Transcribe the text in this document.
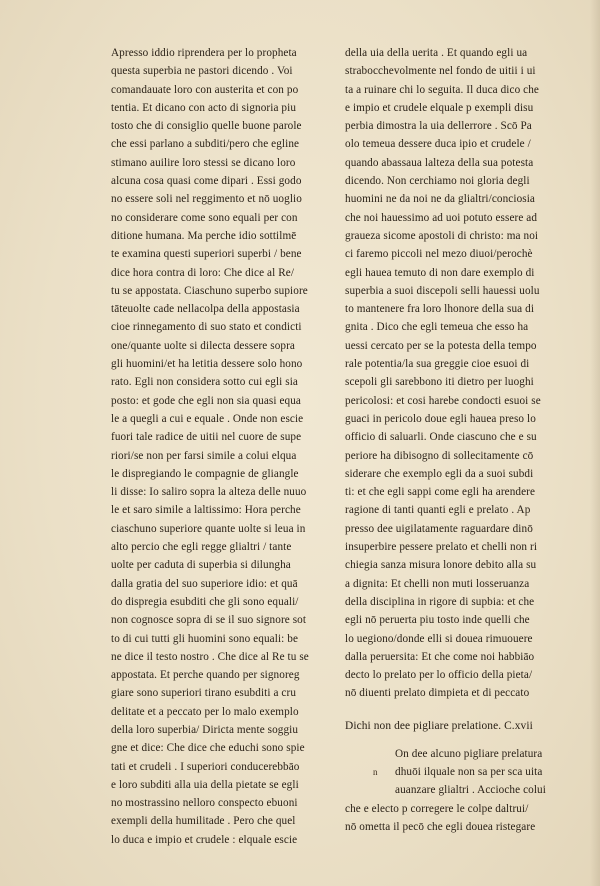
Apresso iddio riprendera per lo propheta
questa superbia ne pastori dicendo . Voi
comandauate loro con austerita et con po
tentia. Et dicano con acto di signoria piu
tosto che di consiglio quelle buone parole
che essi parlano a subditi/pero che egline
stimano auilire loro stessi se dicano loro
alcuna cosa quasi come dipari . Essi godo
no essere soli nel reggimento et nō uoglio
no considerare come sono equali per con
ditione humana. Ma perche idio sottilmē
te examina questi superiori superbi / bene
dice hora contra di loro: Che dice al Re/
tu se appostata. Ciaschuno superbo supiore
tāteuolte cade nellacolpa della appostasia
cioe rinnegamento di suo stato et condicti
one/quante uolte si dilecta dessere sopra
gli huomini/et ha letitia dessere solo hono
rato. Egli non considera sotto cui egli sia
posto: et gode che egli non sia quasi equa
le a quegli a cui e equale . Onde non escie
fuori tale radice de uitii nel cuore de supe
riori/se non per farsi simile a colui elqua
le dispregiando le compagnie de gliangle
li disse: Io saliro sopra la alteza delle nuuo
le et saro simile a laltissimo: Hora perche
ciaschuno superiore quante uolte si leua in
alto percio che egli regge glialtri / tante
uolte per caduta di superbia si dilungha
dalla gratia del suo superiore idio: et quā
do dispregia esubditi che gli sono equali/
non cognosce sopra di se il suo signore sot
to di cui tutti gli huomini sono equali: be
ne dice il testo nostro . Che dice al Re tu se
appostata. Et perche quando per signoreg
giare sono superiori tirano esubditi a cru
delitate et a peccato per lo malo exemplo
della loro superbia/ Diricta mente soggiu
gne et dice: Che dice che educhi sono spie
tati et crudeli . I superiori conducerebbāo
e loro subditi alla uia della pietate se egli
no mostrassino nelloro conspecto ebuoni
exempli della humilitade . Pero che quel
lo duca e impio et crudele : elquale escie
della uia della uerita . Et quando egli ua
strabocchevolmente nel fondo de uitii i ui
ta a ruinare chi lo seguita. Il duca dico che
e impio et crudele elquale p exempli disu
perbia dimostra la uia dellerrore . Scō Pa
olo temeua dessere duca ipio et crudele /
quando abassaua lalteza della sua potesta
dicendo. Non cerchiamo noi gloria degli
huomini ne da noi ne da glialtri/conciosia
che noi hauessimo ad uoi potuto essere ad
graueza sicome apostoli di christo: ma noi
ci faremo piccoli nel mezo diuoi/perochè
egli hauea temuto di non dare exemplo di
superbia a suoi discepoli selli hauessi uolu
to mantenere fra loro lhonore della sua di
gnita . Dico che egli temeua che esso ha
uessi cercato per se la potesta della tempo
rale potentia/la sua greggie cioe esuoi di
scepoli gli sarebbono iti dietro per luoghi
pericolosi: et cosi harebe condocti esuoi se
guaci in pericolo doue egli hauea preso lo
officio di saluarli. Onde ciascuno che e su
periore ha dibisogno di sollecitamente cō
siderare che exemplo egli da a suoi subdi
ti: et che egli sappi come egli ha arendere
ragione di tanti quanti egli e prelato . Ap
presso dee uigilatamente raguardare dinō
insuperbire pessere prelato et chelli non ri
chiegia sanza misura lonore debito alla su
a dignita: Et chelli non muti losseruanza
della disciplina in rigore di supbia: et che
egli nō peruerta piu tosto inde quelli che
lo uegiono/donde elli si douea rimuouere
dalla peruersita: Et che come noi habbiāo
decto lo prelato per lo officio della pieta/
nō diuenti prelato dimpieta et di peccato
Dichi non dee pigliare prelatione. C.xvii
On dee alcuno pigliare prelatura
dhuōi ilquale non sa per sca uita
n
auanzare glialtri . Accioche colui
che e electo p corregere le colpe daltrui/
nō ometta il pecō che egli douea ristegare
